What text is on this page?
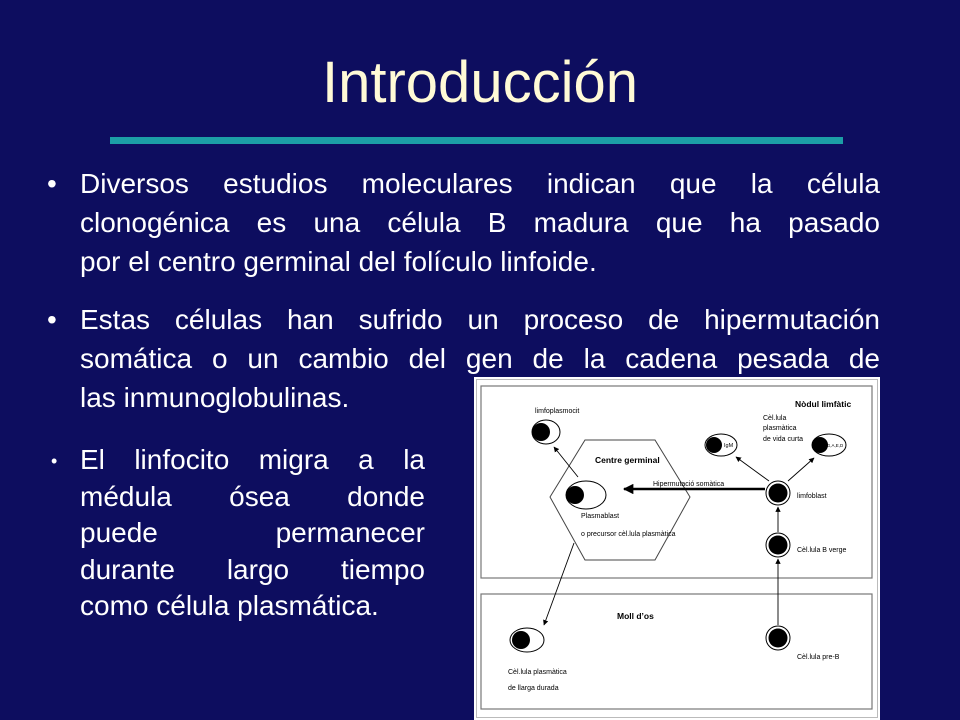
Introducción
• Diversos estudios moleculares indican que la célula
clonogénica es una célula B madura que ha pasado
por el centro germinal del folículo linfoide.
• Estas células han sufrido un proceso de hipermutación
somática o un cambio del gen de la cadena pesada de
las inmunoglobulinas.
• El linfocito migra a la
médula ósea donde
puede permanecer
durante largo tiempo
como célula plasmática.
Nòdul limfàtic
Centre germinal
Moll d’os
limfoplasmocit
Cèl.lula
plasmàtica
de vida curta
IgM	IgG,A,E,D
Plasmablast
o precursor cèl.lula plasmàtica
Hipermutació somàtica
limfoblast
Cèl.lula B verge
Cèl.lula pre-B
Cèl.lula plasmàtica
de llarga durada
